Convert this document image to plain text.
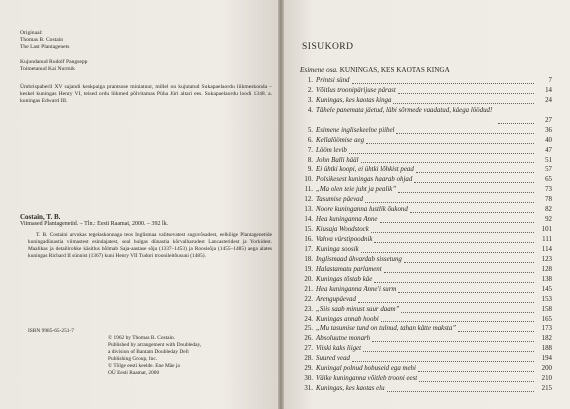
Originaal:
Thomas B. Costain
The Last Plantagenets

Kujundanud Rudolf Pangsepp
Toimetanud Kai Nurmik
Ümbrispaberil XV sajandi keskpaiga prantsuse miniatuur, millel on kujutatud Sukapaelaordu liikmeskonda – keskel kuningas Henry VI, teised ordu liikmed põlvitamas Püha Jüri altari ees. Sukapaelaordu loodi 1348. a. kuningas Edward III.
Costain, T. B.
Viimased Plantagenetid. – Tln.: Eesti Raamat, 2000. – 392 lk.

T. B. Costaini arvukas tegelaskonnaga teos Inglismaa valitsevatest suguvõsadest, eelkõige Plantagenetide kuningadünastia viimastest esindajatest, seal hulgas dünastia kõrvalharudest Lancasteridest ja Yorkidest. Maalikas ja detailirohke käsitlus hõlmab Saja-aastase sõja (1337–1453) ja Roosisõja (1455–1485) aega alates kuningas Richard II sünnist (1367) kuni Henry VII Tudori troonileitõusuni (1485).

ISBN 9985-65-251-7
© 1962 by Thomas B. Costain.
Published by arrangement with Doubleday,
a division of Bantam Doubleday Dell
Publishing Group, Inc.
© Tõlge eesti keelde. Ene Mäe ja
OÜ Eesti Raamat, 2000
SISUKORD
Esimene osa. KUNINGAS, KES KAOTAS KINGA
1. Printsi sünd	7
2. Võitlus troonipärijuse pärast	14
3. Kuningas, kes kaotas kinga	24
4. Tähele panemata jäetud, läbi sõrmede vaadatud, käega löödud!
27
5. Esimene inglisekeelne piibel	36
6. Kellalöömise aeg	40
7. Lööm levib	47
8. John Balli hääl	51
9. Ei ühtki koopi, ei ühtki lõhkist pead	57
10. Polsikesest kuningas haarab ohjad	65
11. „Ma olen teie juht ja pealik”	73
12. Tasumise päevad	78
13. Noore kuninganna lustlik õukond	82
14. Hea kuninganna Anne	92
15. Kiusaja Woodstock	101
16. Vahva vürstipoodnik	111
17. Kuninga soosik	114
18. Inglismaad ähvardab sissetung	123
19. Halastamatu parlament	128
20. Kuningas tõstab käe	138
21. Hea kuninganna Anne'i surm	145
22. Arengupäevad	153
23. „Siis saab minust suur daam”	158
24. Kuningas annab hoobi	165
25. „Mu tasumise tund on tulnud, tahan kätte maksta”	173
26. Absoluutne monarh	182
27. Viiski kaks liiget	188
28. Suured vead	194
29. Kuningal polnud hobuseid ega mehi	200
30. Väike kuninganna võitleb trooni eest	210
31. Kuningas, kes kaotas elu	215
